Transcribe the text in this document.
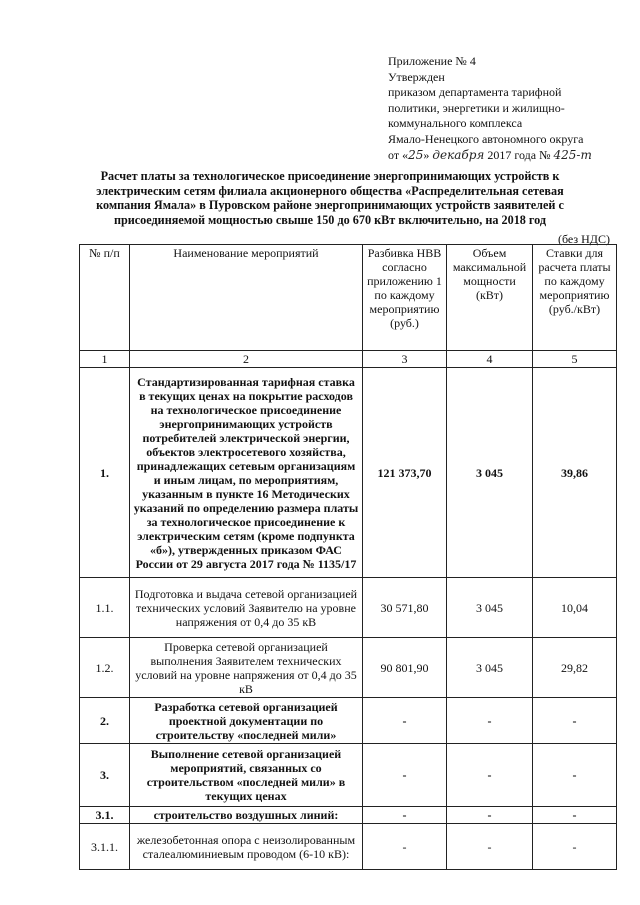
Приложение № 4
Утвержден
приказом департамента тарифной
политики, энергетики и жилищно-
коммунального комплекса
Ямало-Ненецкого автономного округа
от «25» декабря 2017 года № 425-т
Расчет платы за технологическое присоединение энергопринимающих устройств к электрическим сетям филиала акционерного общества «Распределительная сетевая компания Ямала» в Пуровском районе энергопринимающих устройств заявителей с присоединяемой мощностью свыше 150 до 670 кВт включительно, на 2018 год
(без НДС)
№ п/п	Наименование мероприятий	Разбивка НВВ согласно приложению 1 по каждому мероприятию (руб.)	Объем максимальной мощности (кВт)	Ставки для расчета платы по каждому мероприятию (руб./кВт)
1	2	3	4	5
1.	Стандартизированная тарифная ставка в текущих ценах на покрытие расходов на технологическое присоединение энергопринимающих устройств потребителей электрической энергии, объектов электросетевого хозяйства, принадлежащих сетевым организациям и иным лицам, по мероприятиям, указанным в пункте 16 Методических указаний по определению размера платы за технологическое присоединение к электрическим сетям (кроме подпункта «б»), утвержденных приказом ФАС России от 29 августа 2017 года № 1135/17	121 373,70	3 045	39,86
1.1.	Подготовка и выдача сетевой организацией технических условий Заявителю на уровне напряжения от 0,4 до 35 кВ	30 571,80	3 045	10,04
1.2.	Проверка сетевой организацией выполнения Заявителем технических условий на уровне напряжения от 0,4 до 35 кВ	90 801,90	3 045	29,82
2.	Разработка сетевой организацией проектной документации по строительству «последней мили»	-	-	-
3.	Выполнение сетевой организацией мероприятий, связанных со строительством «последней мили» в текущих ценах	-	-	-
3.1.	строительство воздушных линий:	-	-	-
3.1.1.	железобетонная опора с неизолированным сталеалюминиевым проводом (6-10 кВ):	-	-	-
